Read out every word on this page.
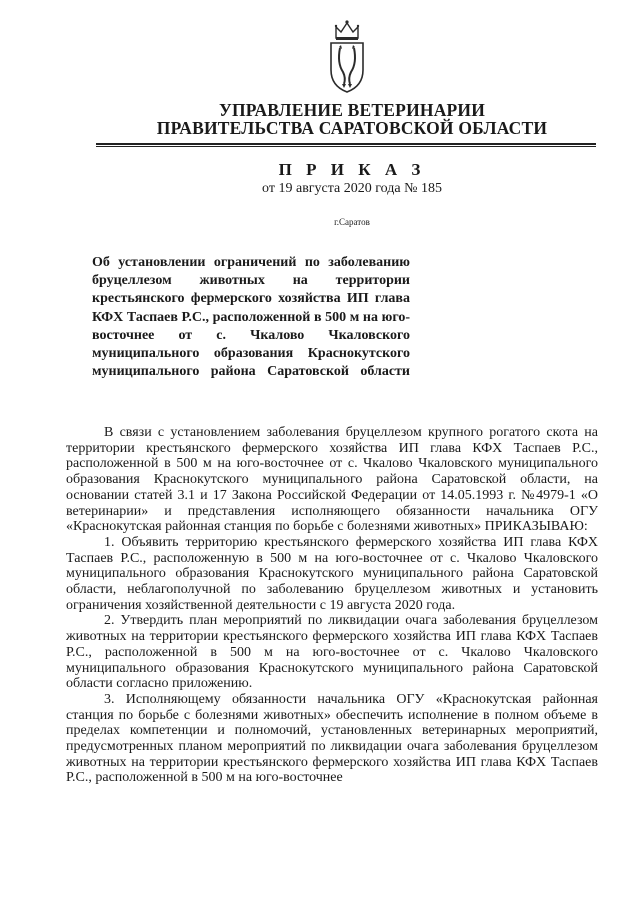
УПРАВЛЕНИЕ ВЕТЕРИНАРИИ
ПРАВИТЕЛЬСТВА САРАТОВСКОЙ ОБЛАСТИ
П Р И К А З
от 19 августа 2020 года № 185
г.Саратов
Об установлении ограничений по заболеванию бруцеллезом животных на территории крестьянского фермерского хозяйства ИП глава КФХ Таспаев Р.С., расположенной в 500 м на юго-восточнее от с. Чкалово Чкаловского муниципального образования Краснокутского муниципального района Саратовской области

В связи с установлением заболевания бруцеллезом крупного рогатого скота на территории крестьянского фермерского хозяйства ИП глава КФХ Таспаев Р.С., расположенной в 500 м на юго-восточнее от с. Чкалово Чкаловского муниципального образования Краснокутского муниципального района Саратовской области, на основании статей 3.1 и 17 Закона Российской Федерации от 14.05.1993 г. №4979-1 «О ветеринарии» и представления исполняющего обязанности начальника ОГУ «Краснокутская районная станция по борьбе с болезнями животных» ПРИКАЗЫВАЮ:

1. Объявить территорию крестьянского фермерского хозяйства ИП глава КФХ Таспаев Р.С., расположенную в 500 м на юго-восточнее от с. Чкалово Чкаловского муниципального образования Краснокутского муниципального района Саратовской области, неблагополучной по заболеванию бруцеллезом животных и установить ограничения хозяйственной деятельности с 19 августа 2020 года.

2. Утвердить план мероприятий по ликвидации очага заболевания бруцеллезом животных на территории крестьянского фермерского хозяйства ИП глава КФХ Таспаев Р.С., расположенной в 500 м на юго-восточнее от с. Чкалово Чкаловского муниципального образования Краснокутского муниципального района Саратовской области согласно приложению.

3. Исполняющему обязанности начальника ОГУ «Краснокутская районная станция по борьбе с болезнями животных» обеспечить исполнение в полном объеме в пределах компетенции и полномочий, установленных ветеринарных мероприятий, предусмотренных планом мероприятий по ликвидации очага заболевания бруцеллезом животных на территории крестьянского фермерского хозяйства ИП глава КФХ Таспаев Р.С., расположенной в 500 м на юго-восточнее
